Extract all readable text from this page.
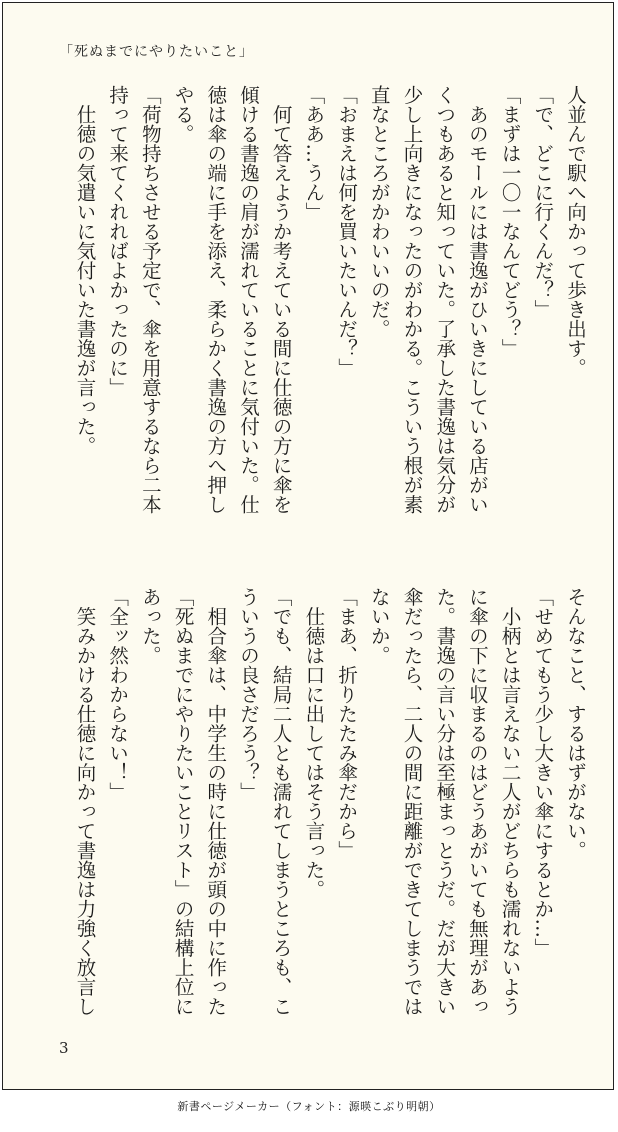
「死ぬまでにやりたいこと」
人並んで駅へ向かって歩き出す。
「で、どこに行くんだ？」
「まずは一〇一なんてどう？」
　あのモールには書逸がひいきにしている店がい
くつもあると知っていた。了承した書逸は気分が
少し上向きになったのがわかる。こういう根が素
直なところがかわいいのだ。
「おまえは何を買いたいんだ？」
「ああ…うん」
　何て答えようか考えている間に仕徳の方に傘を
傾ける書逸の肩が濡れていることに気付いた。仕
徳は傘の端に手を添え、柔らかく書逸の方へ押し
やる。
「荷物持ちさせる予定で、傘を用意するなら二本
持って来てくれればよかったのに」
　仕徳の気遣いに気付いた書逸が言った。
そんなこと、するはずがない。
「せめてもう少し大きい傘にするとか…」
　小柄とは言えない二人がどちらも濡れないよう
に傘の下に収まるのはどうあがいても無理があっ
た。書逸の言い分は至極まっとうだ。だが大きい
傘だったら、二人の間に距離ができてしまうでは
ないか。
「まあ、折りたたみ傘だから」
　仕徳は口に出してはそう言った。
「でも、結局二人とも濡れてしまうところも、こ
ういうの良さだろう？」
　相合傘は、中学生の時に仕徳が頭の中に作った
「死ぬまでにやりたいことリスト」の結構上位に
あった。
「全ッ然わからない！」
　笑みかける仕徳に向かって書逸は力強く放言し
3
新書ページメーカー（フォント：源暎こぶり明朝）
